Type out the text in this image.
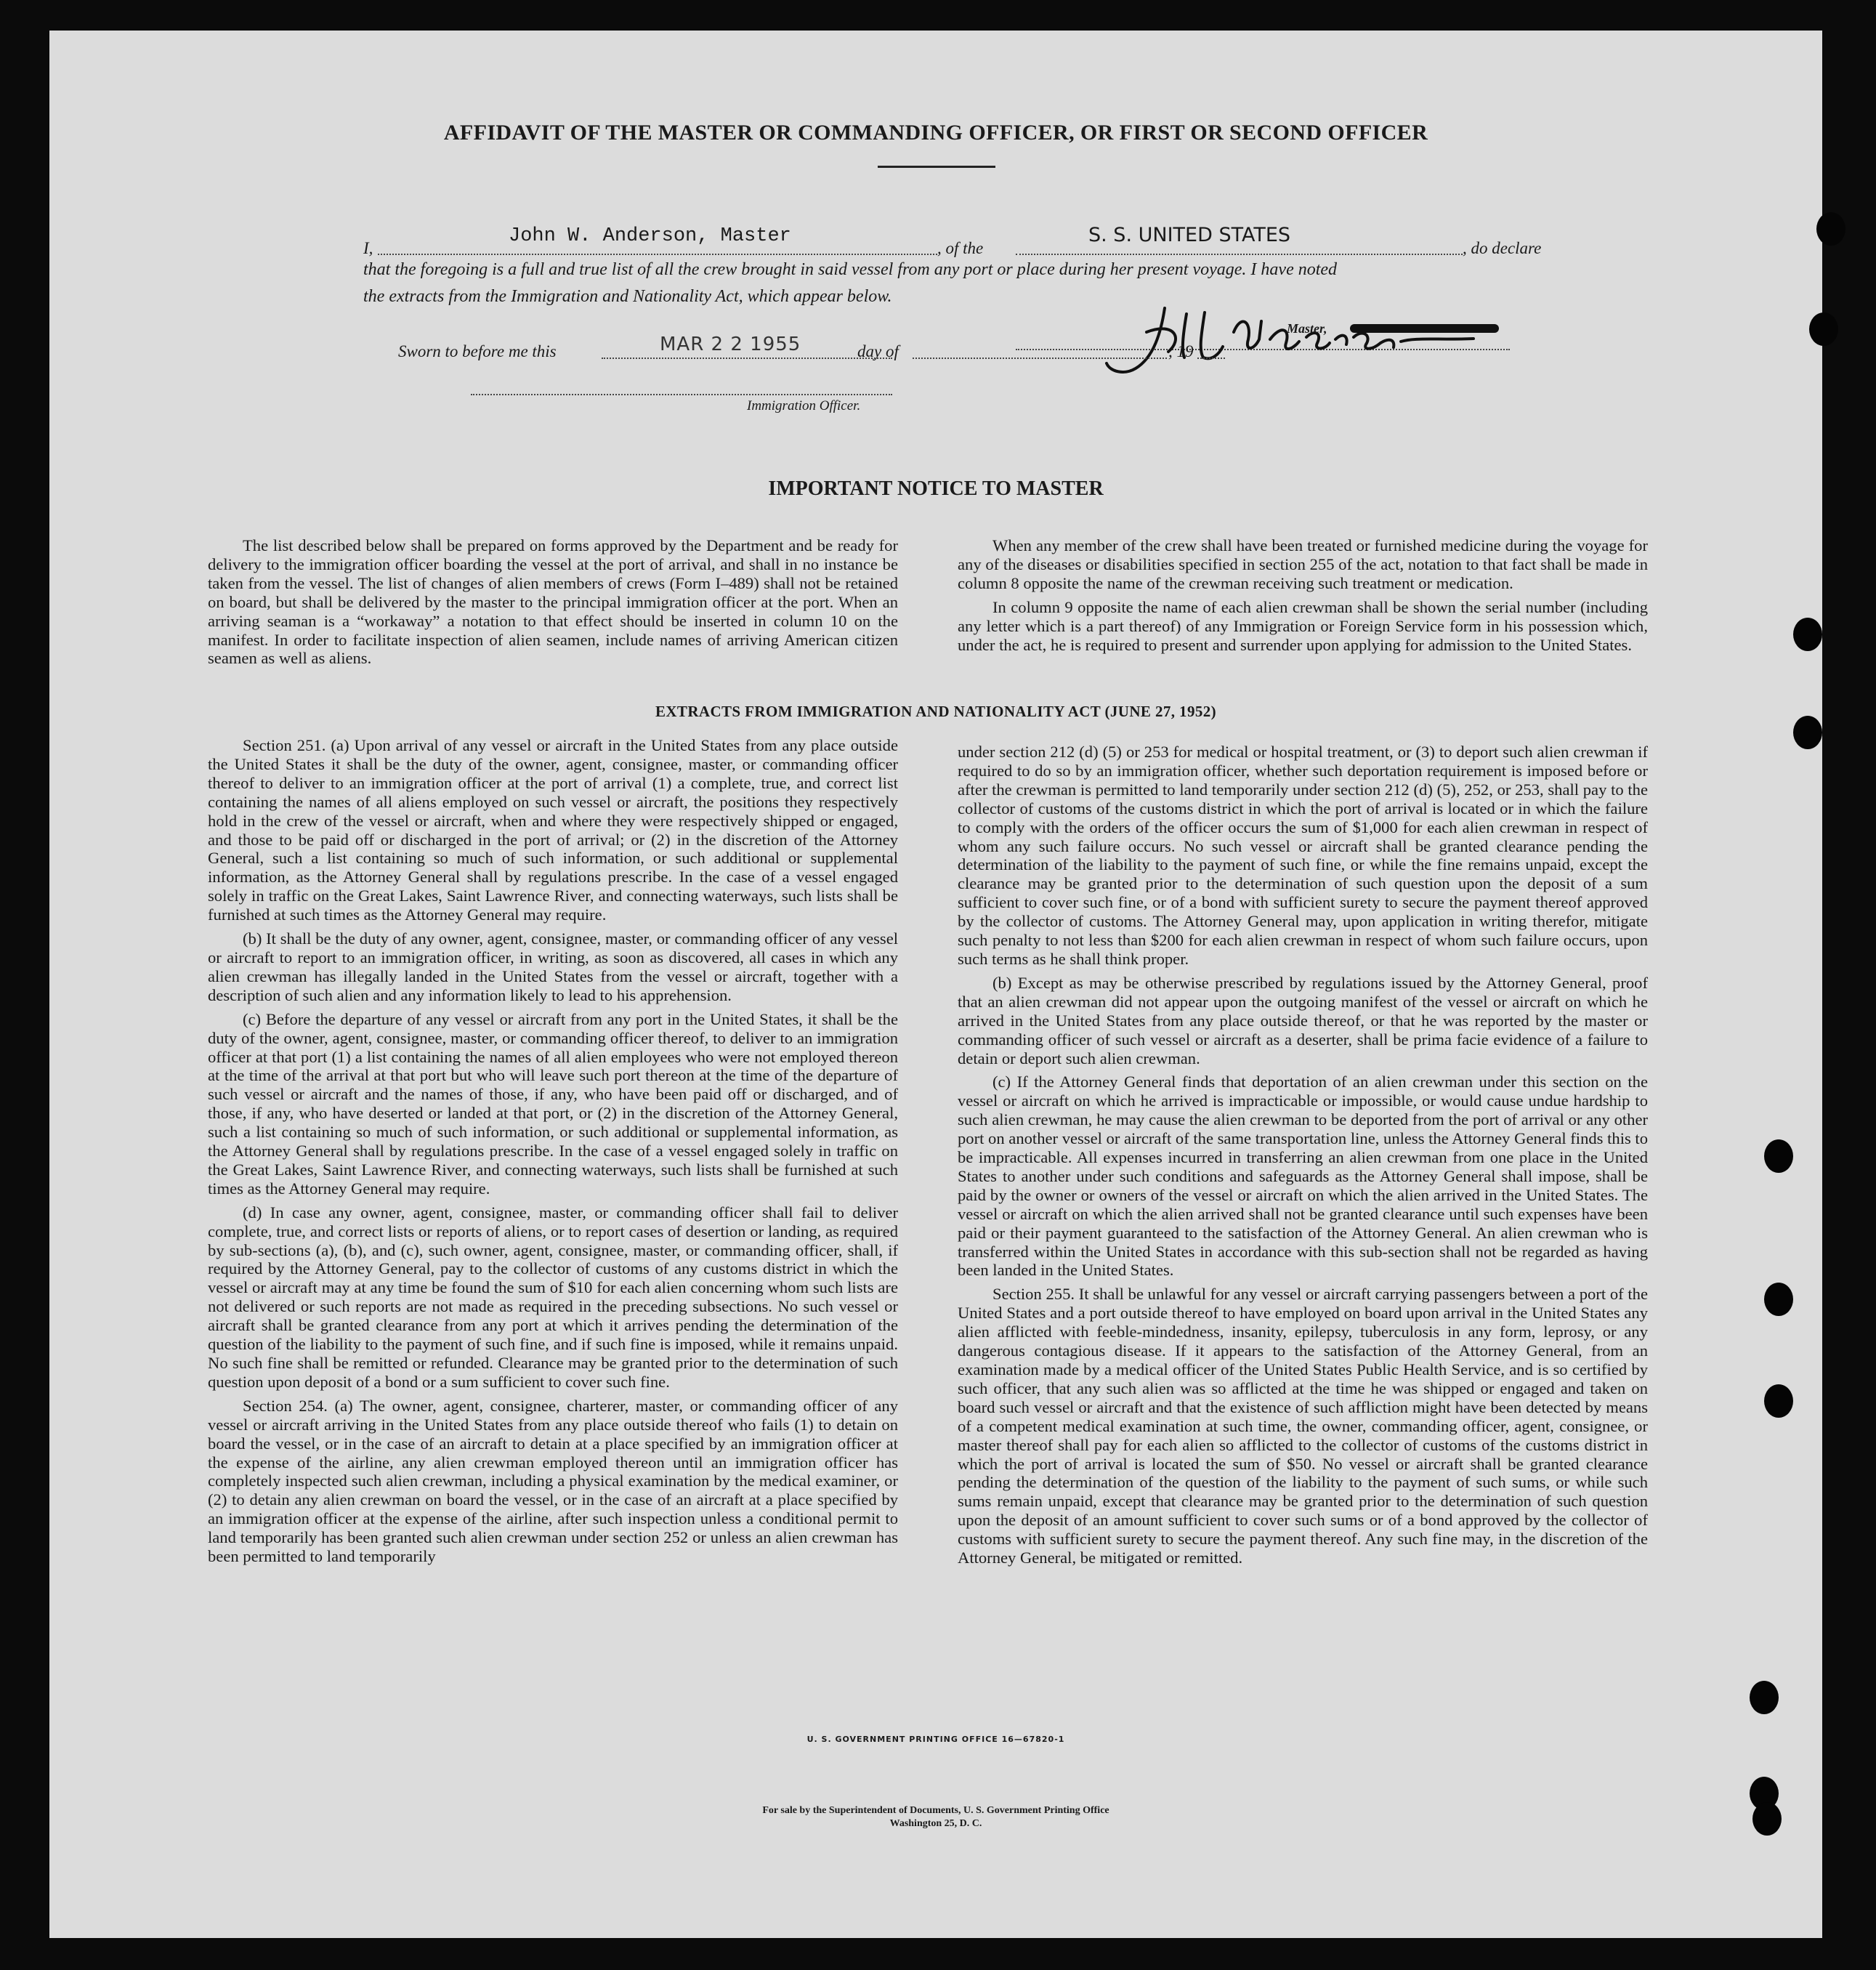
AFFIDAVIT OF THE MASTER OR COMMANDING OFFICER, OR FIRST OR SECOND OFFICER
I,
John W. Anderson, Master
, of the
S. S. UNITED STATES
, do declare
that the foregoing is a full and true list of all the crew brought in said vessel from any port or place during her present voyage. I have noted
the extracts from the Immigration and Nationality Act, which appear below.
Master,
Sworn to before me this	MAR 2 2 1955	day of	, 19
Immigration Officer.
IMPORTANT NOTICE TO MASTER

The list described below shall be prepared on forms approved by the Department and be ready for delivery to the immigration officer boarding the vessel at the port of arrival, and shall in no instance be taken from the vessel. The list of changes of alien members of crews (Form I–489) shall not be retained on board, but shall be delivered by the master to the principal immigration officer at the port. When an arriving seaman is a “workaway” a notation to that effect should be inserted in column 10 on the manifest. In order to facilitate inspection of alien seamen, include names of arriving American citizen seamen as well as aliens.

When any member of the crew shall have been treated or furnished medicine during the voyage for any of the diseases or disabilities specified in section 255 of the act, notation to that fact shall be made in column 8 opposite the name of the crewman receiving such treatment or medication.

In column 9 opposite the name of each alien crewman shall be shown the serial number (including any letter which is a part thereof) of any Immigration or Foreign Service form in his possession which, under the act, he is required to present and surrender upon applying for admission to the United States.

EXTRACTS FROM IMMIGRATION AND NATIONALITY ACT (JUNE 27, 1952)

Section 251. (a) Upon arrival of any vessel or aircraft in the United States from any place outside the United States it shall be the duty of the owner, agent, consignee, master, or commanding officer thereof to deliver to an immigration officer at the port of arrival (1) a complete, true, and correct list containing the names of all aliens employed on such vessel or aircraft, the positions they respectively hold in the crew of the vessel or aircraft, when and where they were respectively shipped or engaged, and those to be paid off or discharged in the port of arrival; or (2) in the discretion of the Attorney General, such a list containing so much of such information, or such additional or supplemental information, as the Attorney General shall by regulations prescribe. In the case of a vessel engaged solely in traffic on the Great Lakes, Saint Lawrence River, and connecting waterways, such lists shall be furnished at such times as the Attorney General may require.

(b) It shall be the duty of any owner, agent, consignee, master, or commanding officer of any vessel or aircraft to report to an immigration officer, in writing, as soon as discovered, all cases in which any alien crewman has illegally landed in the United States from the vessel or aircraft, together with a description of such alien and any information likely to lead to his apprehension.

(c) Before the departure of any vessel or aircraft from any port in the United States, it shall be the duty of the owner, agent, consignee, master, or commanding officer thereof, to deliver to an immigration officer at that port (1) a list containing the names of all alien employees who were not employed thereon at the time of the arrival at that port but who will leave such port thereon at the time of the departure of such vessel or aircraft and the names of those, if any, who have been paid off or discharged, and of those, if any, who have deserted or landed at that port, or (2) in the discretion of the Attorney General, such a list containing so much of such information, or such additional or supplemental information, as the Attorney General shall by regulations prescribe. In the case of a vessel engaged solely in traffic on the Great Lakes, Saint Lawrence River, and connecting waterways, such lists shall be furnished at such times as the Attorney General may require.

(d) In case any owner, agent, consignee, master, or commanding officer shall fail to deliver complete, true, and correct lists or reports of aliens, or to report cases of desertion or landing, as required by sub-sections (a), (b), and (c), such owner, agent, consignee, master, or commanding officer, shall, if required by the Attorney General, pay to the collector of customs of any customs district in which the vessel or aircraft may at any time be found the sum of $10 for each alien concerning whom such lists are not delivered or such reports are not made as required in the preceding subsections. No such vessel or aircraft shall be granted clearance from any port at which it arrives pending the determination of the question of the liability to the payment of such fine, and if such fine is imposed, while it remains unpaid. No such fine shall be remitted or refunded. Clearance may be granted prior to the determination of such question upon deposit of a bond or a sum sufficient to cover such fine.

Section 254. (a) The owner, agent, consignee, charterer, master, or commanding officer of any vessel or aircraft arriving in the United States from any place outside thereof who fails (1) to detain on board the vessel, or in the case of an aircraft to detain at a place specified by an immigration officer at the expense of the airline, any alien crewman employed thereon until an immigration officer has completely inspected such alien crewman, including a physical examination by the medical examiner, or (2) to detain any alien crewman on board the vessel, or in the case of an aircraft at a place specified by an immigration officer at the expense of the airline, after such inspection unless a conditional permit to land temporarily has been granted such alien crewman under section 252 or unless an alien crewman has been permitted to land temporarily

under section 212 (d) (5) or 253 for medical or hospital treatment, or (3) to deport such alien crewman if required to do so by an immigration officer, whether such deportation requirement is imposed before or after the crewman is permitted to land temporarily under section 212 (d) (5), 252, or 253, shall pay to the collector of customs of the customs district in which the port of arrival is located or in which the failure to comply with the orders of the officer occurs the sum of $1,000 for each alien crewman in respect of whom any such failure occurs. No such vessel or aircraft shall be granted clearance pending the determination of the liability to the payment of such fine, or while the fine remains unpaid, except the clearance may be granted prior to the determination of such question upon the deposit of a sum sufficient to cover such fine, or of a bond with sufficient surety to secure the payment thereof approved by the collector of customs. The Attorney General may, upon application in writing therefor, mitigate such penalty to not less than $200 for each alien crewman in respect of whom such failure occurs, upon such terms as he shall think proper.

(b) Except as may be otherwise prescribed by regulations issued by the Attorney General, proof that an alien crewman did not appear upon the outgoing manifest of the vessel or aircraft on which he arrived in the United States from any place outside thereof, or that he was reported by the master or commanding officer of such vessel or aircraft as a deserter, shall be prima facie evidence of a failure to detain or deport such alien crewman.

(c) If the Attorney General finds that deportation of an alien crewman under this section on the vessel or aircraft on which he arrived is impracticable or impossible, or would cause undue hardship to such alien crewman, he may cause the alien crewman to be deported from the port of arrival or any other port on another vessel or aircraft of the same transportation line, unless the Attorney General finds this to be impracticable. All expenses incurred in transferring an alien crewman from one place in the United States to another under such conditions and safeguards as the Attorney General shall impose, shall be paid by the owner or owners of the vessel or aircraft on which the alien arrived in the United States. The vessel or aircraft on which the alien arrived shall not be granted clearance until such expenses have been paid or their payment guaranteed to the satisfaction of the Attorney General. An alien crewman who is transferred within the United States in accordance with this sub-section shall not be regarded as having been landed in the United States.

Section 255. It shall be unlawful for any vessel or aircraft carrying passengers between a port of the United States and a port outside thereof to have employed on board upon arrival in the United States any alien afflicted with feeble-mindedness, insanity, epilepsy, tuberculosis in any form, leprosy, or any dangerous contagious disease. If it appears to the satisfaction of the Attorney General, from an examination made by a medical officer of the United States Public Health Service, and is so certified by such officer, that any such alien was so afflicted at the time he was shipped or engaged and taken on board such vessel or aircraft and that the existence of such affliction might have been detected by means of a competent medical examination at such time, the owner, commanding officer, agent, consignee, or master thereof shall pay for each alien so afflicted to the collector of customs of the customs district in which the port of arrival is located the sum of $50. No vessel or aircraft shall be granted clearance pending the determination of the question of the liability to the payment of such sums, or while such sums remain unpaid, except that clearance may be granted prior to the determination of such question upon the deposit of an amount sufficient to cover such sums or of a bond approved by the collector of customs with sufficient surety to secure the payment thereof. Any such fine may, in the discretion of the Attorney General, be mitigated or remitted.

U. S. GOVERNMENT PRINTING OFFICE 16—67820-1
For sale by the Superintendent of Documents, U. S. Government Printing Office
Washington 25, D. C.
